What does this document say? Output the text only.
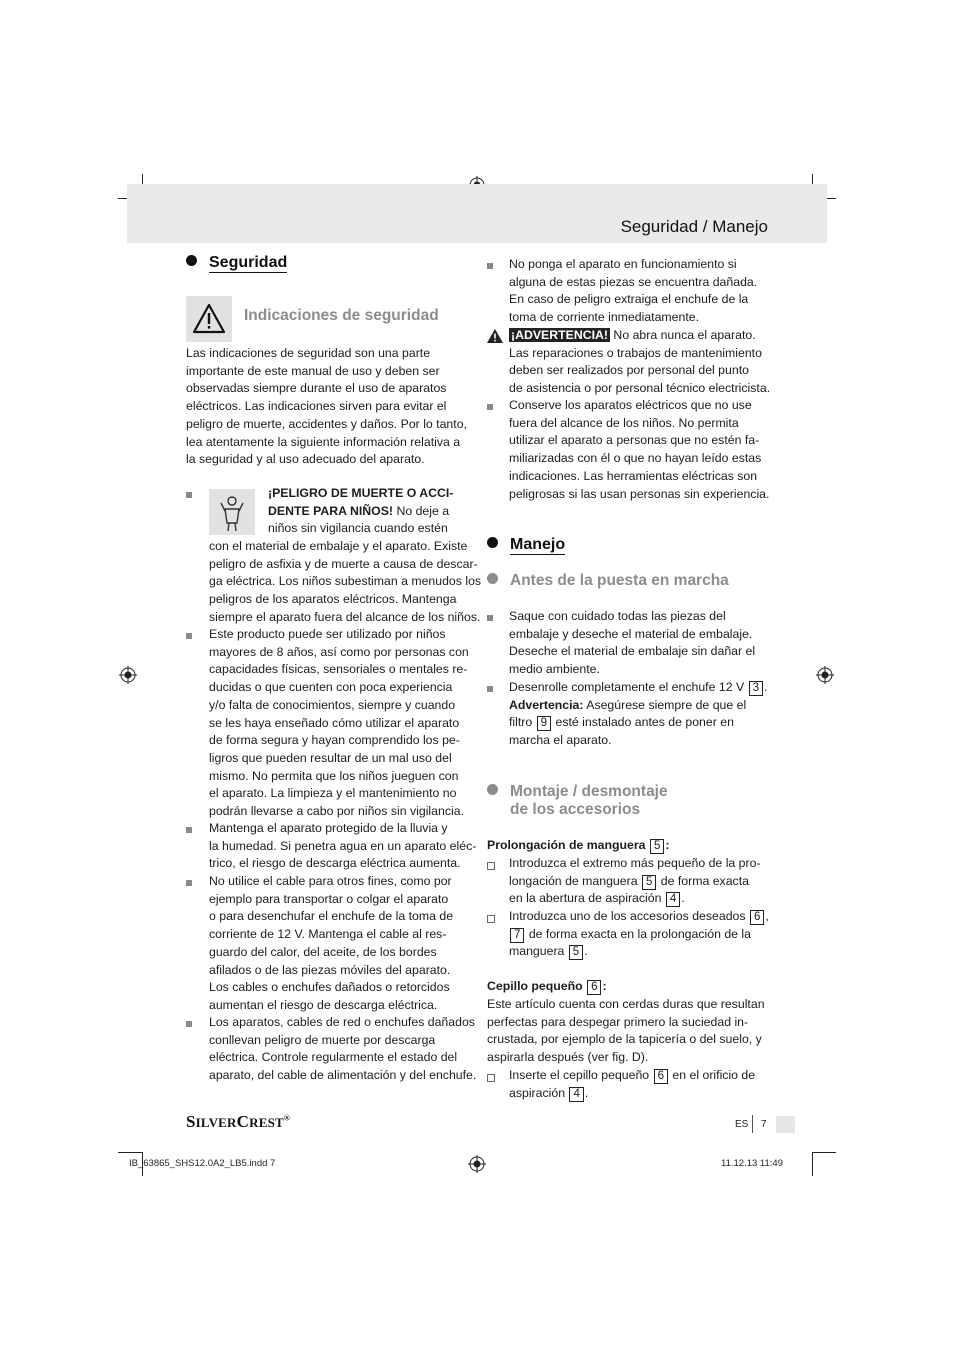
Seguridad / Manejo
Seguridad
Indicaciones de seguridad
Las indicaciones de seguridad son una parte
importante de este manual de uso y deben ser
observadas siempre durante el uso de aparatos
eléctricos. Las indicaciones sirven para evitar el
peligro de muerte, accidentes y daños. Por lo tanto,
lea atentamente la siguiente información relativa a
la seguridad y al uso adecuado del aparato.
¡PELIGRO DE MUERTE O ACCI-
DENTE PARA NIÑOS! No deje a
niños sin vigilancia cuando estén
con el material de embalaje y el aparato. Existe
peligro de asfixia y de muerte a causa de descar-
ga eléctrica. Los niños subestiman a menudos los
peligros de los aparatos eléctricos. Mantenga
siempre el aparato fuera del alcance de los niños.
Este producto puede ser utilizado por niños
mayores de 8 años, así como por personas con
capacidades físicas, sensoriales o mentales re-
ducidas o que cuenten con poca experiencia
y/o falta de conocimientos, siempre y cuando
se les haya enseñado cómo utilizar el aparato
de forma segura y hayan comprendido los pe-
ligros que pueden resultar de un mal uso del
mismo. No permita que los niños jueguen con
el aparato. La limpieza y el mantenimiento no
podrán llevarse a cabo por niños sin vigilancia.
Mantenga el aparato protegido de la lluvia y
la humedad. Si penetra agua en un aparato eléc-
trico, el riesgo de descarga eléctrica aumenta.
No utilice el cable para otros fines, como por
ejemplo para transportar o colgar el aparato
o para desenchufar el enchufe de la toma de
corriente de 12 V. Mantenga el cable al res-
guardo del calor, del aceite, de los bordes
afilados o de las piezas móviles del aparato.
Los cables o enchufes dañados o retorcidos
aumentan el riesgo de descarga eléctrica.
Los aparatos, cables de red o enchufes dañados
conllevan peligro de muerte por descarga
eléctrica. Controle regularmente el estado del
aparato, del cable de alimentación y del enchufe.
No ponga el aparato en funcionamiento si
alguna de estas piezas se encuentra dañada.
En caso de peligro extraiga el enchufe de la
toma de corriente inmediatamente.
¡ADVERTENCIA! No abra nunca el aparato.
Las reparaciones o trabajos de mantenimiento
deben ser realizados por personal del punto
de asistencia o por personal técnico electricista.
Conserve los aparatos eléctricos que no use
fuera del alcance de los niños. No permita
utilizar el aparato a personas que no estén fa-
miliarizadas con él o que no hayan leído estas
indicaciones. Las herramientas eléctricas son
peligrosas si las usan personas sin experiencia.
Manejo
Antes de la puesta en marcha
Saque con cuidado todas las piezas del
embalaje y deseche el material de embalaje.
Deseche el material de embalaje sin dañar el
medio ambiente.
Desenrolle completamente el enchufe 12 V 3 .
Advertencia: Asegúrese siempre de que el
filtro 9 esté instalado antes de poner en
marcha el aparato.
Montaje / desmontaje
de los accesorios
Prolongación de manguera 5 :
Introduzca el extremo más pequeño de la pro-
longación de manguera 5 de forma exacta
en la abertura de aspiración 4 .
Introduzca uno de los accesorios deseados 6 ,
7 de forma exacta en la prolongación de la
manguera 5 .
Cepillo pequeño 6 :
Este artículo cuenta con cerdas duras que resultan
perfectas para despegar primero la suciedad in-
crustada, por ejemplo de la tapicería o del suelo, y
aspirarla después (ver fig. D).
Inserte el cepillo pequeño 6 en el orificio de
aspiración 4 .
SILVERCREST®
ES 7
IB_63865_SHS12.0A2_LB5.indd 7	11.12.13 11:49
